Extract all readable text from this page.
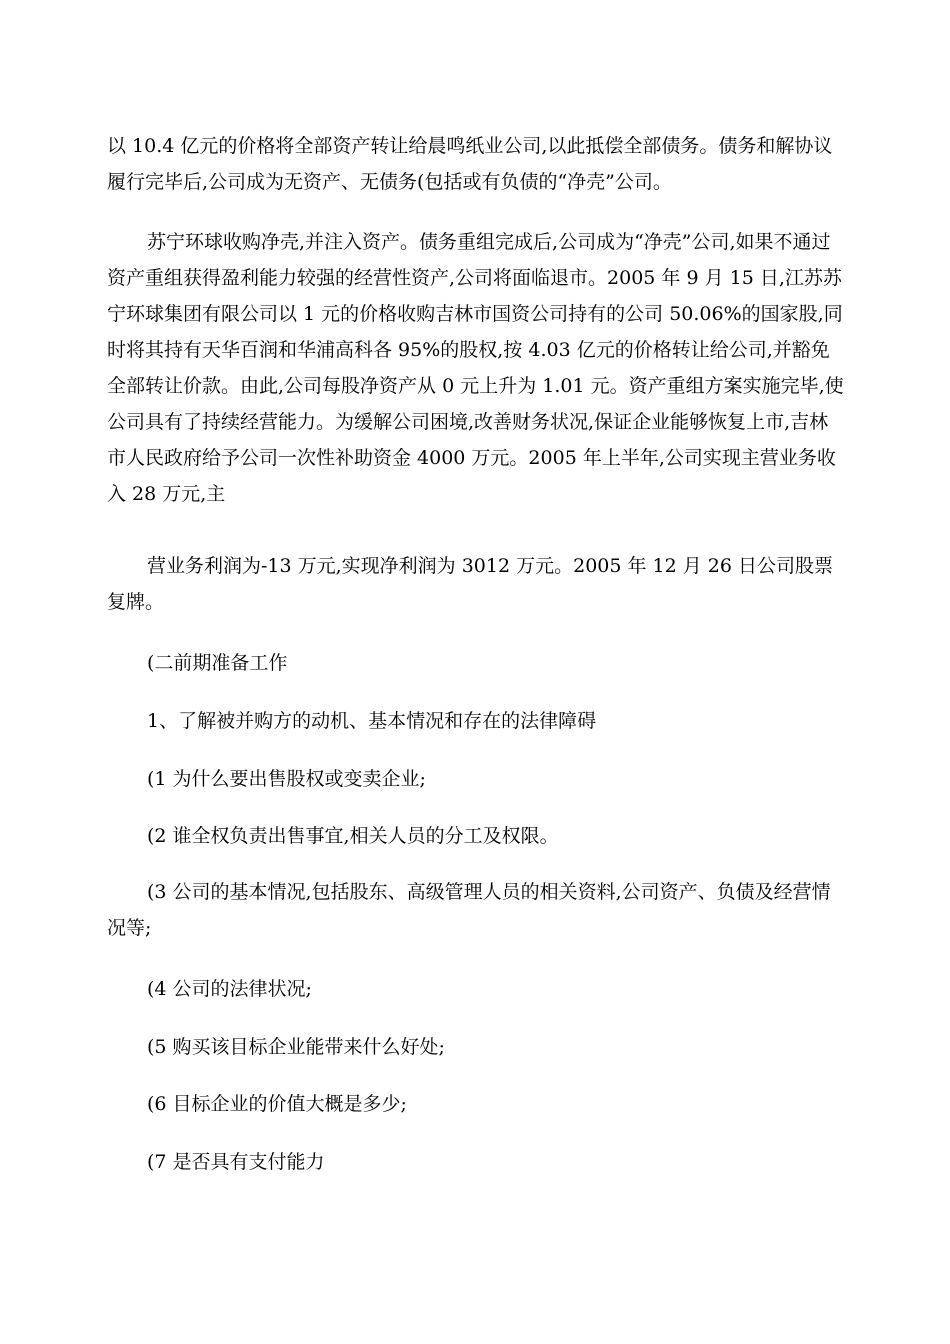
以 10.4 亿元的价格将全部资产转让给晨鸣纸业公司,以此抵偿全部债务。债务和解协议履行完毕后,公司成为无资产、无债务(包括或有负债的“净壳”公司。

苏宁环球收购净壳,并注入资产。债务重组完成后,公司成为“净壳”公司,如果不通过资产重组获得盈利能力较强的经营性资产,公司将面临退市。2005 年 9 月 15 日,江苏苏宁环球集团有限公司以 1 元的价格收购吉林市国资公司持有的公司 50.06%的国家股,同时将其持有天华百润和华浦高科各 95%的股权,按 4.03 亿元的价格转让给公司,并豁免全部转让价款。由此,公司每股净资产从 0 元上升为 1.01 元。资产重组方案实施完毕,使公司具有了持续经营能力。为缓解公司困境,改善财务状况,保证企业能够恢复上市,吉林市人民政府给予公司一次性补助资金 4000 万元。2005 年上半年,公司实现主营业务收入 28 万元,主

营业务利润为-13 万元,实现净利润为 3012 万元。2005 年 12 月 26 日公司股票复牌。

(二前期准备工作

1、了解被并购方的动机、基本情况和存在的法律障碍

(1 为什么要出售股权或变卖企业;

(2 谁全权负责出售事宜,相关人员的分工及权限。

(3 公司的基本情况,包括股东、高级管理人员的相关资料,公司资产、负债及经营情况等;

(4 公司的法律状况;

(5 购买该目标企业能带来什么好处;

(6 目标企业的价值大概是多少;

(7 是否具有支付能力
